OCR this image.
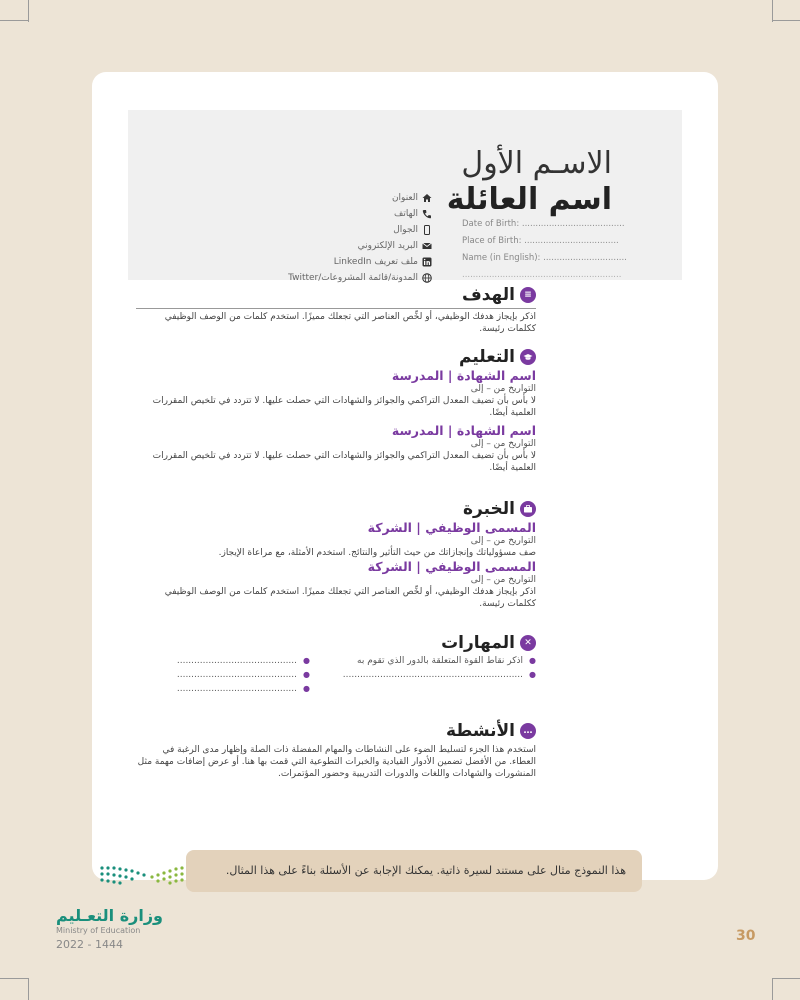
الاسـم الأول
اسم العائلة
العنوان
الهاتف
الجوال
البريد الإلكتروني
ملف تعريف LinkedIn
المدونة/قائمة المشروعات/Twitter
Date of Birth: ......................................
Place of Birth: ...................................
Name (in English): ...............................
...........................................................
≡
الهدف
اذكر بإيجاز هدفك الوظيفي، أو لخِّص العناصر التي تجعلك مميزًا. استخدم كلمات من الوصف الوظيفي ككلمات رئيسة.
التعليم
اسم الشهادة | المدرسة
التواريخ من – إلى
لا بأس بأن تضيف المعدل التراكمي والجوائز والشهادات التي حصلت عليها. لا تتردد في تلخيص المقررات العلمية أيضًا.
اسم الشهادة | المدرسة
التواريخ من – إلى
لا بأس بأن تضيف المعدل التراكمي والجوائز والشهادات التي حصلت عليها. لا تتردد في تلخيص المقررات العلمية أيضًا.
الخبرة
المسمى الوظيفي | الشركة
التواريخ من – إلى
صف مسؤولياتك وإنجازاتك من حيث التأثير والنتائج. استخدم الأمثلة، مع مراعاة الإيجاز.
المسمى الوظيفي | الشركة
التواريخ من – إلى
اذكر بإيجاز هدفك الوظيفي، أو لخِّص العناصر التي تجعلك مميزًا. استخدم كلمات من الوصف الوظيفي ككلمات رئيسة.
✕
المهارات
●اذكر نقاط القوة المتعلقة بالدور الذي تقوم به
●...............................................................
●..........................................
●..........................................
●..........................................
…
الأنشطة
استخدم هذا الجزء لتسليط الضوء على النشاطات والمهام المفضلة ذات الصلة وإظهار مدى الرغبة في العطاء. من الأفضل تضمين الأدوار القيادية والخبرات التطوعية التي قمت بها هنا. أو عرض إضافات مهمة مثل المنشورات والشهادات واللغات والدورات التدريبية وحضور المؤتمرات.
هذا النموذج مثال على مستند لسيرة ذاتية. يمكنك الإجابة عن الأسئلة بناءً على هذا المثال.
وزارة التعـليم
Ministry of Education
2022 - 1444
30
